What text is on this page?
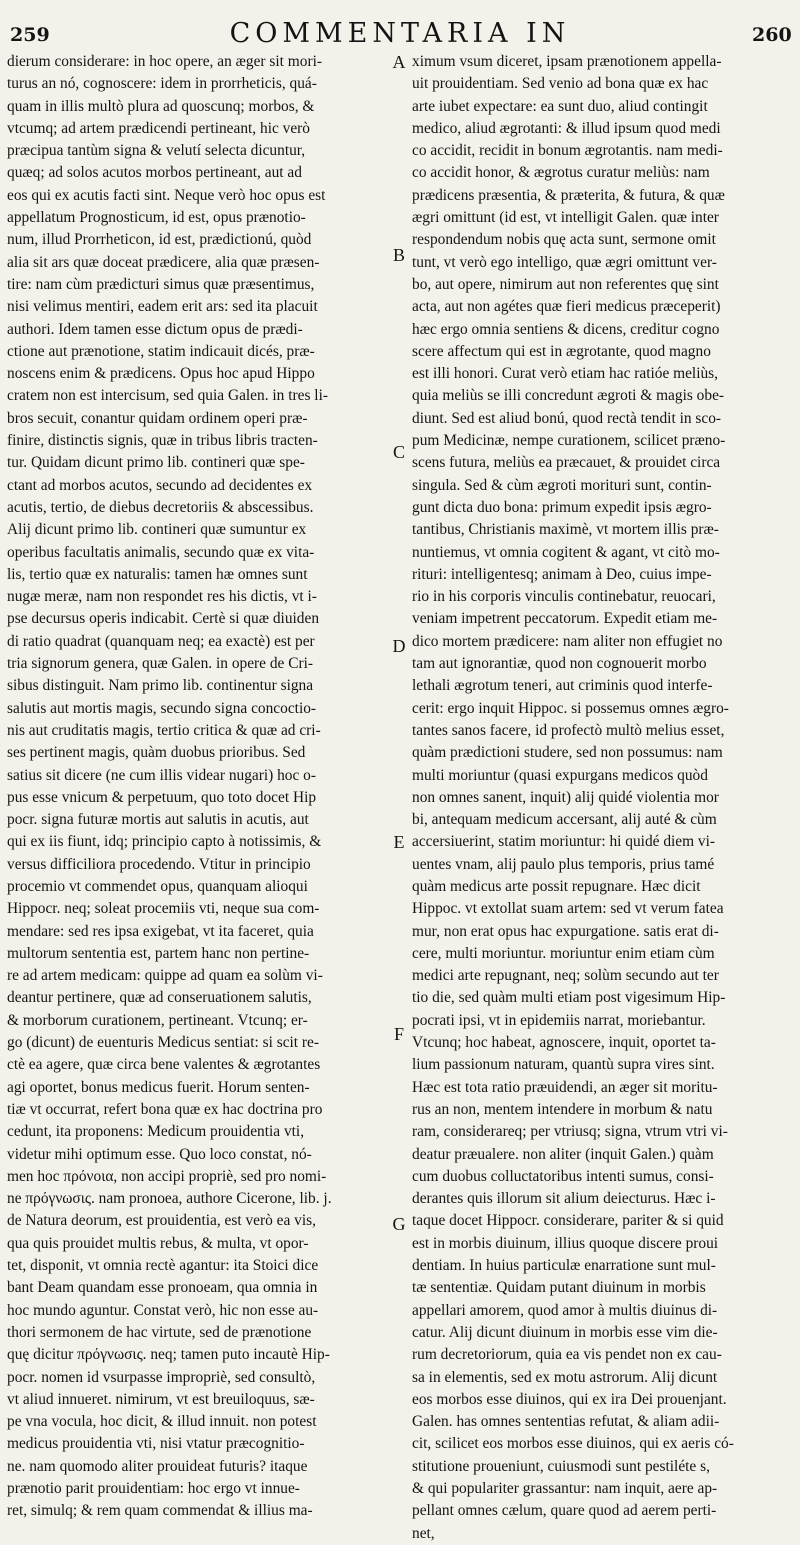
259	COMMENTARIA IN	260
dierum considerare: in hoc opere, an æger sit mori-
turus an nó, cognoscere: idem in prorrheticis, quá-
quam in illis multò plura ad quoscunq; morbos, &
vtcumq; ad artem prædicendi pertineant, hic verò
præcipua tantùm signa & velutí selecta dicuntur,
quæq; ad solos acutos morbos pertineant, aut ad
eos qui ex acutis facti sint. Neque verò hoc opus est
appellatum Prognosticum, id est, opus prænotio-
num, illud Prorrheticon, id est, prædictionú, quòd
alia sit ars quæ doceat prædicere, alia quæ præsen-
tire: nam cùm prædicturi simus quæ præsentimus,
nisi velimus mentiri, eadem erit ars: sed ita placuit
authori. Idem tamen esse dictum opus de prædi-
ctione aut prænotione, statim indicauit dicés, præ-
noscens enim & prædicens. Opus hoc apud Hippo
cratem non est intercisum, sed quia Galen. in tres li-
bros secuit, conantur quidam ordinem operi præ-
finire, distinctis signis, quæ in tribus libris tracten-
tur. Quidam dicunt primo lib. contineri quæ spe-
ctant ad morbos acutos, secundo ad decidentes ex
acutis, tertio, de diebus decretoriis & abscessibus.
Alij dicunt primo lib. contineri quæ sumuntur ex
operibus facultatis animalis, secundo quæ ex vita-
lis, tertio quæ ex naturalis: tamen hæ omnes sunt
nugæ meræ, nam non respondet res his dictis, vt i-
pse decursus operis indicabit. Certè si quæ diuiden
di ratio quadrat (quanquam neq; ea exactè) est per
tria signorum genera, quæ Galen. in opere de Cri-
sibus distinguit. Nam primo lib. continentur signa
salutis aut mortis magis, secundo signa concoctio-
nis aut cruditatis magis, tertio critica & quæ ad cri-
ses pertinent magis, quàm duobus prioribus. Sed
satius sit dicere (ne cum illis videar nugari) hoc o-
pus esse vnicum & perpetuum, quo toto docet Hip
pocr. signa futuræ mortis aut salutis in acutis, aut
qui ex iis fiunt, idq; principio capto à notissimis, &
versus difficiliora procedendo. Vtitur in principio
procemio vt commendet opus, quanquam alioqui
Hippocr. neq; soleat procemiis vti, neque sua com-
mendare: sed res ipsa exigebat, vt ita faceret, quia
multorum sententia est, partem hanc non pertine-
re ad artem medicam: quippe ad quam ea solùm vi-
deantur pertinere, quæ ad conseruationem salutis,
& morborum curationem, pertineant. Vtcunq; er-
go (dicunt) de euenturis Medicus sentiat: si scit re-
ctè ea agere, quæ circa bene valentes & ægrotantes
agi oportet, bonus medicus fuerit. Horum senten-
tiæ vt occurrat, refert bona quæ ex hac doctrina pro
cedunt, ita proponens: Medicum prouidentia vti,
videtur mihi optimum esse. Quo loco constat, nó-
men hoc πρόνοια, non accipi propriè, sed pro nomi-
ne πρόγνωσις. nam pronoea, authore Cicerone, lib. j.
de Natura deorum, est prouidentia, est verò ea vis,
qua quis prouidet multis rebus, & multa, vt opor-
tet, disponit, vt omnia rectè agantur: ita Stoici dice
bant Deam quandam esse pronoeam, qua omnia in
hoc mundo aguntur. Constat verò, hic non esse au-
thori sermonem de hac virtute, sed de prænotione
quę dicitur πρόγνωσις. neq; tamen puto incautè Hip-
pocr. nomen id vsurpasse impropriè, sed consultò,
vt aliud innueret. nimirum, vt est breuiloquus, sæ-
pe vna vocula, hoc dicit, & illud innuit. non potest
medicus prouidentia vti, nisi vtatur præcognitio-
ne. nam quomodo aliter prouideat futuris? itaque
prænotio parit prouidentiam: hoc ergo vt innue-
ret, simulq; & rem quam commendat & illius ma-
ximum vsum diceret, ipsam prænotionem appella-
uit prouidentiam. Sed venio ad bona quæ ex hac
arte iubet expectare: ea sunt duo, aliud contingit
medico, aliud ægrotanti: & illud ipsum quod medi
co accidit, recidit in bonum ægrotantis. nam medi-
co accidit honor, & ægrotus curatur meliùs: nam
prædicens præsentia, & præterita, & futura, & quæ
ægri omittunt (id est, vt intelligit Galen. quæ inter
respondendum nobis quę acta sunt, sermone omit
tunt, vt verò ego intelligo, quæ ægri omittunt ver-
bo, aut opere, nimirum aut non referentes quę sint
acta, aut non agétes quæ fieri medicus præceperit)
hæc ergo omnia sentiens & dicens, creditur cogno
scere affectum qui est in ægrotante, quod magno
est illi honori. Curat verò etiam hac ratióe meliùs,
quia meliùs se illi concredunt ægroti & magis obe-
diunt. Sed est aliud bonú, quod rectà tendit in sco-
pum Medicinæ, nempe curationem, scilicet præno-
scens futura, meliùs ea præcauet, & prouidet circa
singula. Sed & cùm ægroti morituri sunt, contin-
gunt dicta duo bona: primum expedit ipsis ægro-
tantibus, Christianis maximè, vt mortem illis præ-
nuntiemus, vt omnia cogitent & agant, vt citò mo-
rituri: intelligentesq; animam à Deo, cuius impe-
rio in his corporis vinculis continebatur, reuocari,
veniam impetrent peccatorum. Expedit etiam me-
dico mortem prædicere: nam aliter non effugiet no
tam aut ignorantiæ, quod non cognouerit morbo
lethali ægrotum teneri, aut criminis quod interfe-
cerit: ergo inquit Hippoc. si possemus omnes ægro-
tantes sanos facere, id profectò multò melius esset,
quàm prædictioni studere, sed non possumus: nam
multi moriuntur (quasi expurgans medicos quòd
non omnes sanent, inquit) alij quidé violentia mor
bi, antequam medicum accersant, alij auté & cùm
accersiuerint, statim moriuntur: hi quidé diem vi-
uentes vnam, alij paulo plus temporis, prius tamé
quàm medicus arte possit repugnare. Hæc dicit
Hippoc. vt extollat suam artem: sed vt verum fatea
mur, non erat opus hac expurgatione. satis erat di-
cere, multi moriuntur. moriuntur enim etiam cùm
medici arte repugnant, neq; solùm secundo aut ter
tio die, sed quàm multi etiam post vigesimum Hip-
pocrati ipsi, vt in epidemiis narrat, moriebantur.
Vtcunq; hoc habeat, agnoscere, inquit, oportet ta-
lium passionum naturam, quantù supra vires sint.
Hæc est tota ratio præuidendi, an æger sit moritu-
rus an non, mentem intendere in morbum & natu
ram, considerareq; per vtriusq; signa, vtrum vtri vi-
deatur præualere. non aliter (inquit Galen.) quàm
cum duobus colluctatoribus intenti sumus, consi-
derantes quis illorum sit alium deiecturus. Hæc i-
taque docet Hippocr. considerare, pariter & si quid
est in morbis diuinum, illius quoque discere proui
dentiam. In huius particulæ enarratione sunt mul-
tæ sententiæ. Quidam putant diuinum in morbis
appellari amorem, quod amor à multis diuinus di-
catur. Alij dicunt diuinum in morbis esse vim die-
rum decretoriorum, quia ea vis pendet non ex cau-
sa in elementis, sed ex motu astrorum. Alij dicunt
eos morbos esse diuinos, qui ex ira Dei prouenjant.
Galen. has omnes sententias refutat, & aliam adii-
cit, scilicet eos morbos esse diuinos, qui ex aeris có-
stitutione proueniunt, cuiusmodi sunt pestiléte s,
& qui populariter grassantur: nam inquit, aere ap-
pellant omnes cælum, quare quod ad aerem perti-
net,
A
B
C
D
E
F
G
